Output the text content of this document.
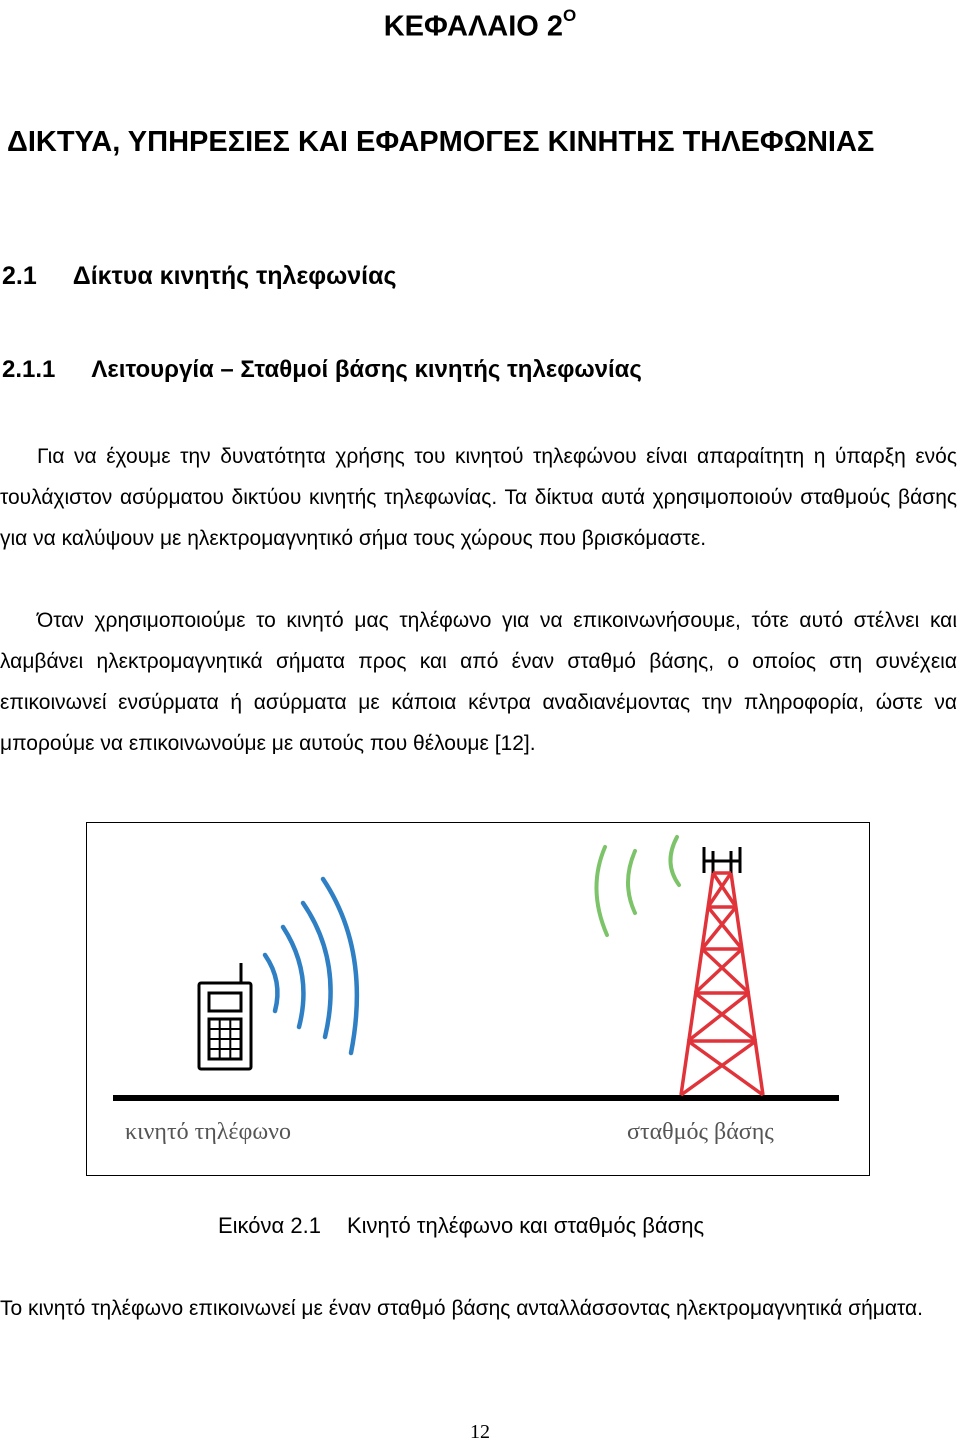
ΚΕΦΑΛΑΙΟ $2^O$
ΔΙΚΤΥΑ, ΥΠΗΡΕΣΙΕΣ ΚΑΙ ΕΦΑΡΜΟΓΕΣ ΚΙΝΗΤΗΣ ΤΗΛΕΦΩΝΙΑΣ
2.1 Δίκτυα κινητής τηλεφωνίας
2.1.1 Λειτουργία – Σταθμοί βάσης κινητής τηλεφωνίας

Για να έχουμε την δυνατότητα χρήσης του κινητού τηλεφώνου είναι απαραίτητη η ύπαρξη ενός τουλάχιστον ασύρματου δικτύου κινητής τηλεφωνίας. Τα δίκτυα αυτά χρησιμοποιούν σταθμούς βάσης για να καλύψουν με ηλεκτρομαγνητικό σήμα τους χώρους που βρισκόμαστε.

Όταν χρησιμοποιούμε το κινητό μας τηλέφωνο για να επικοινωνήσουμε, τότε αυτό στέλνει και λαμβάνει ηλεκτρομαγνητικά σήματα προς και από έναν σταθμό βάσης, ο οποίος στη συνέχεια επικοινωνεί ενσύρματα ή ασύρματα με κάποια κέντρα αναδιανέμοντας την πληροφορία, ώστε να μπορούμε να επικοινωνούμε με αυτούς που θέλουμε [12].

κινητό τηλέφωνο	σταθμός βάσης
Εικόνα 2.1 Κινητό τηλέφωνο και σταθμός βάσης

Το κινητό τηλέφωνο επικοινωνεί με έναν σταθμό βάσης ανταλλάσσοντας ηλεκτρομαγνητικά σήματα.

12
